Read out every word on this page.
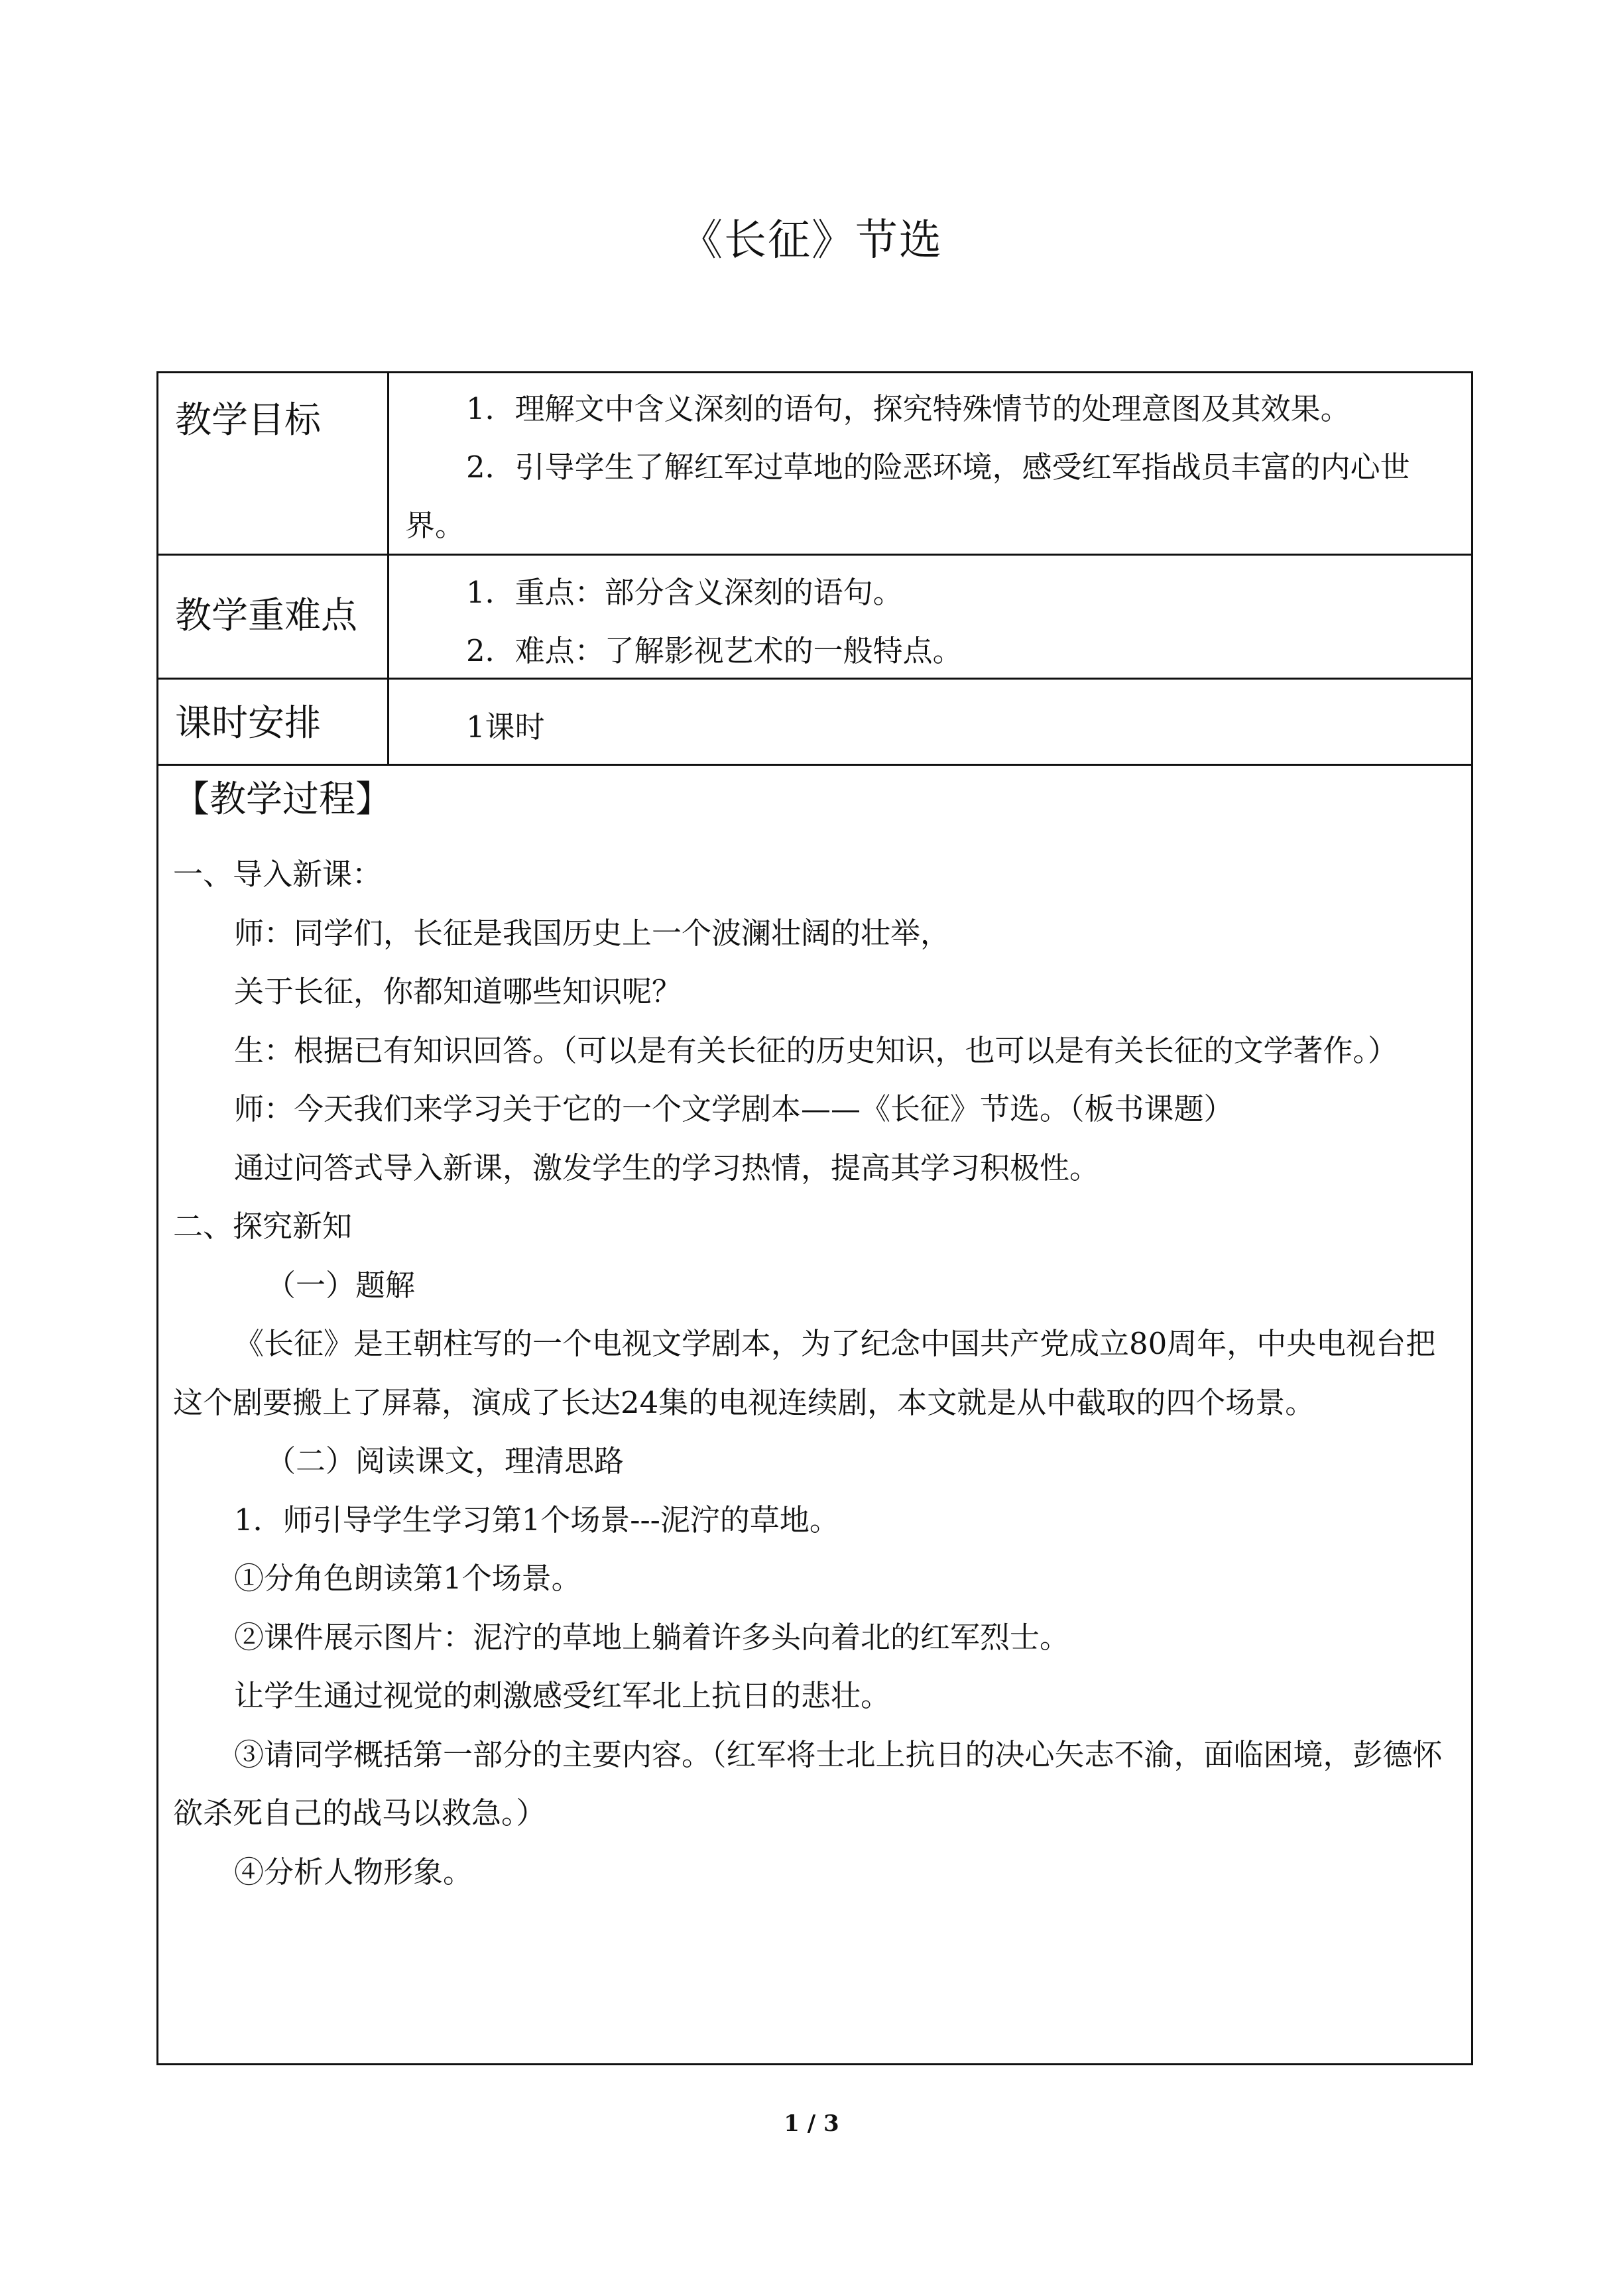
《长征》节选
教学目标	1．理解文中含义深刻的语句，探究特殊情节的处理意图及其效果。

2．引导学生了解红军过草地的险恶环境，感受红军指战员丰富的内心世界。

教学重难点

1．重点：部分含义深刻的语句。

2．难点：了解影视艺术的一般特点。

课时安排	1课时

【教学过程】

一、导入新课：

师：同学们，长征是我国历史上一个波澜壮阔的壮举，

关于长征，你都知道哪些知识呢？

生：根据已有知识回答。（可以是有关长征的历史知识，也可以是有关长征的文学著作。）

师：今天我们来学习关于它的一个文学剧本——《长征》节选。（板书课题）

通过问答式导入新课，激发学生的学习热情，提高其学习积极性。

二、探究新知

（一）题解

《长征》是王朝柱写的一个电视文学剧本，为了纪念中国共产党成立80周年，中央电视台把这个剧要搬上了屏幕，演成了长达24集的电视连续剧，本文就是从中截取的四个场景。

（二）阅读课文，理清思路

1．师引导学生学习第1个场景---泥泞的草地。

①分角色朗读第1个场景。

②课件展示图片：泥泞的草地上躺着许多头向着北的红军烈士。

让学生通过视觉的刺激感受红军北上抗日的悲壮。

③请同学概括第一部分的主要内容。（红军将士北上抗日的决心矢志不渝，面临困境，彭德怀欲杀死自己的战马以救急。）

④分析人物形象。

1 / 3
